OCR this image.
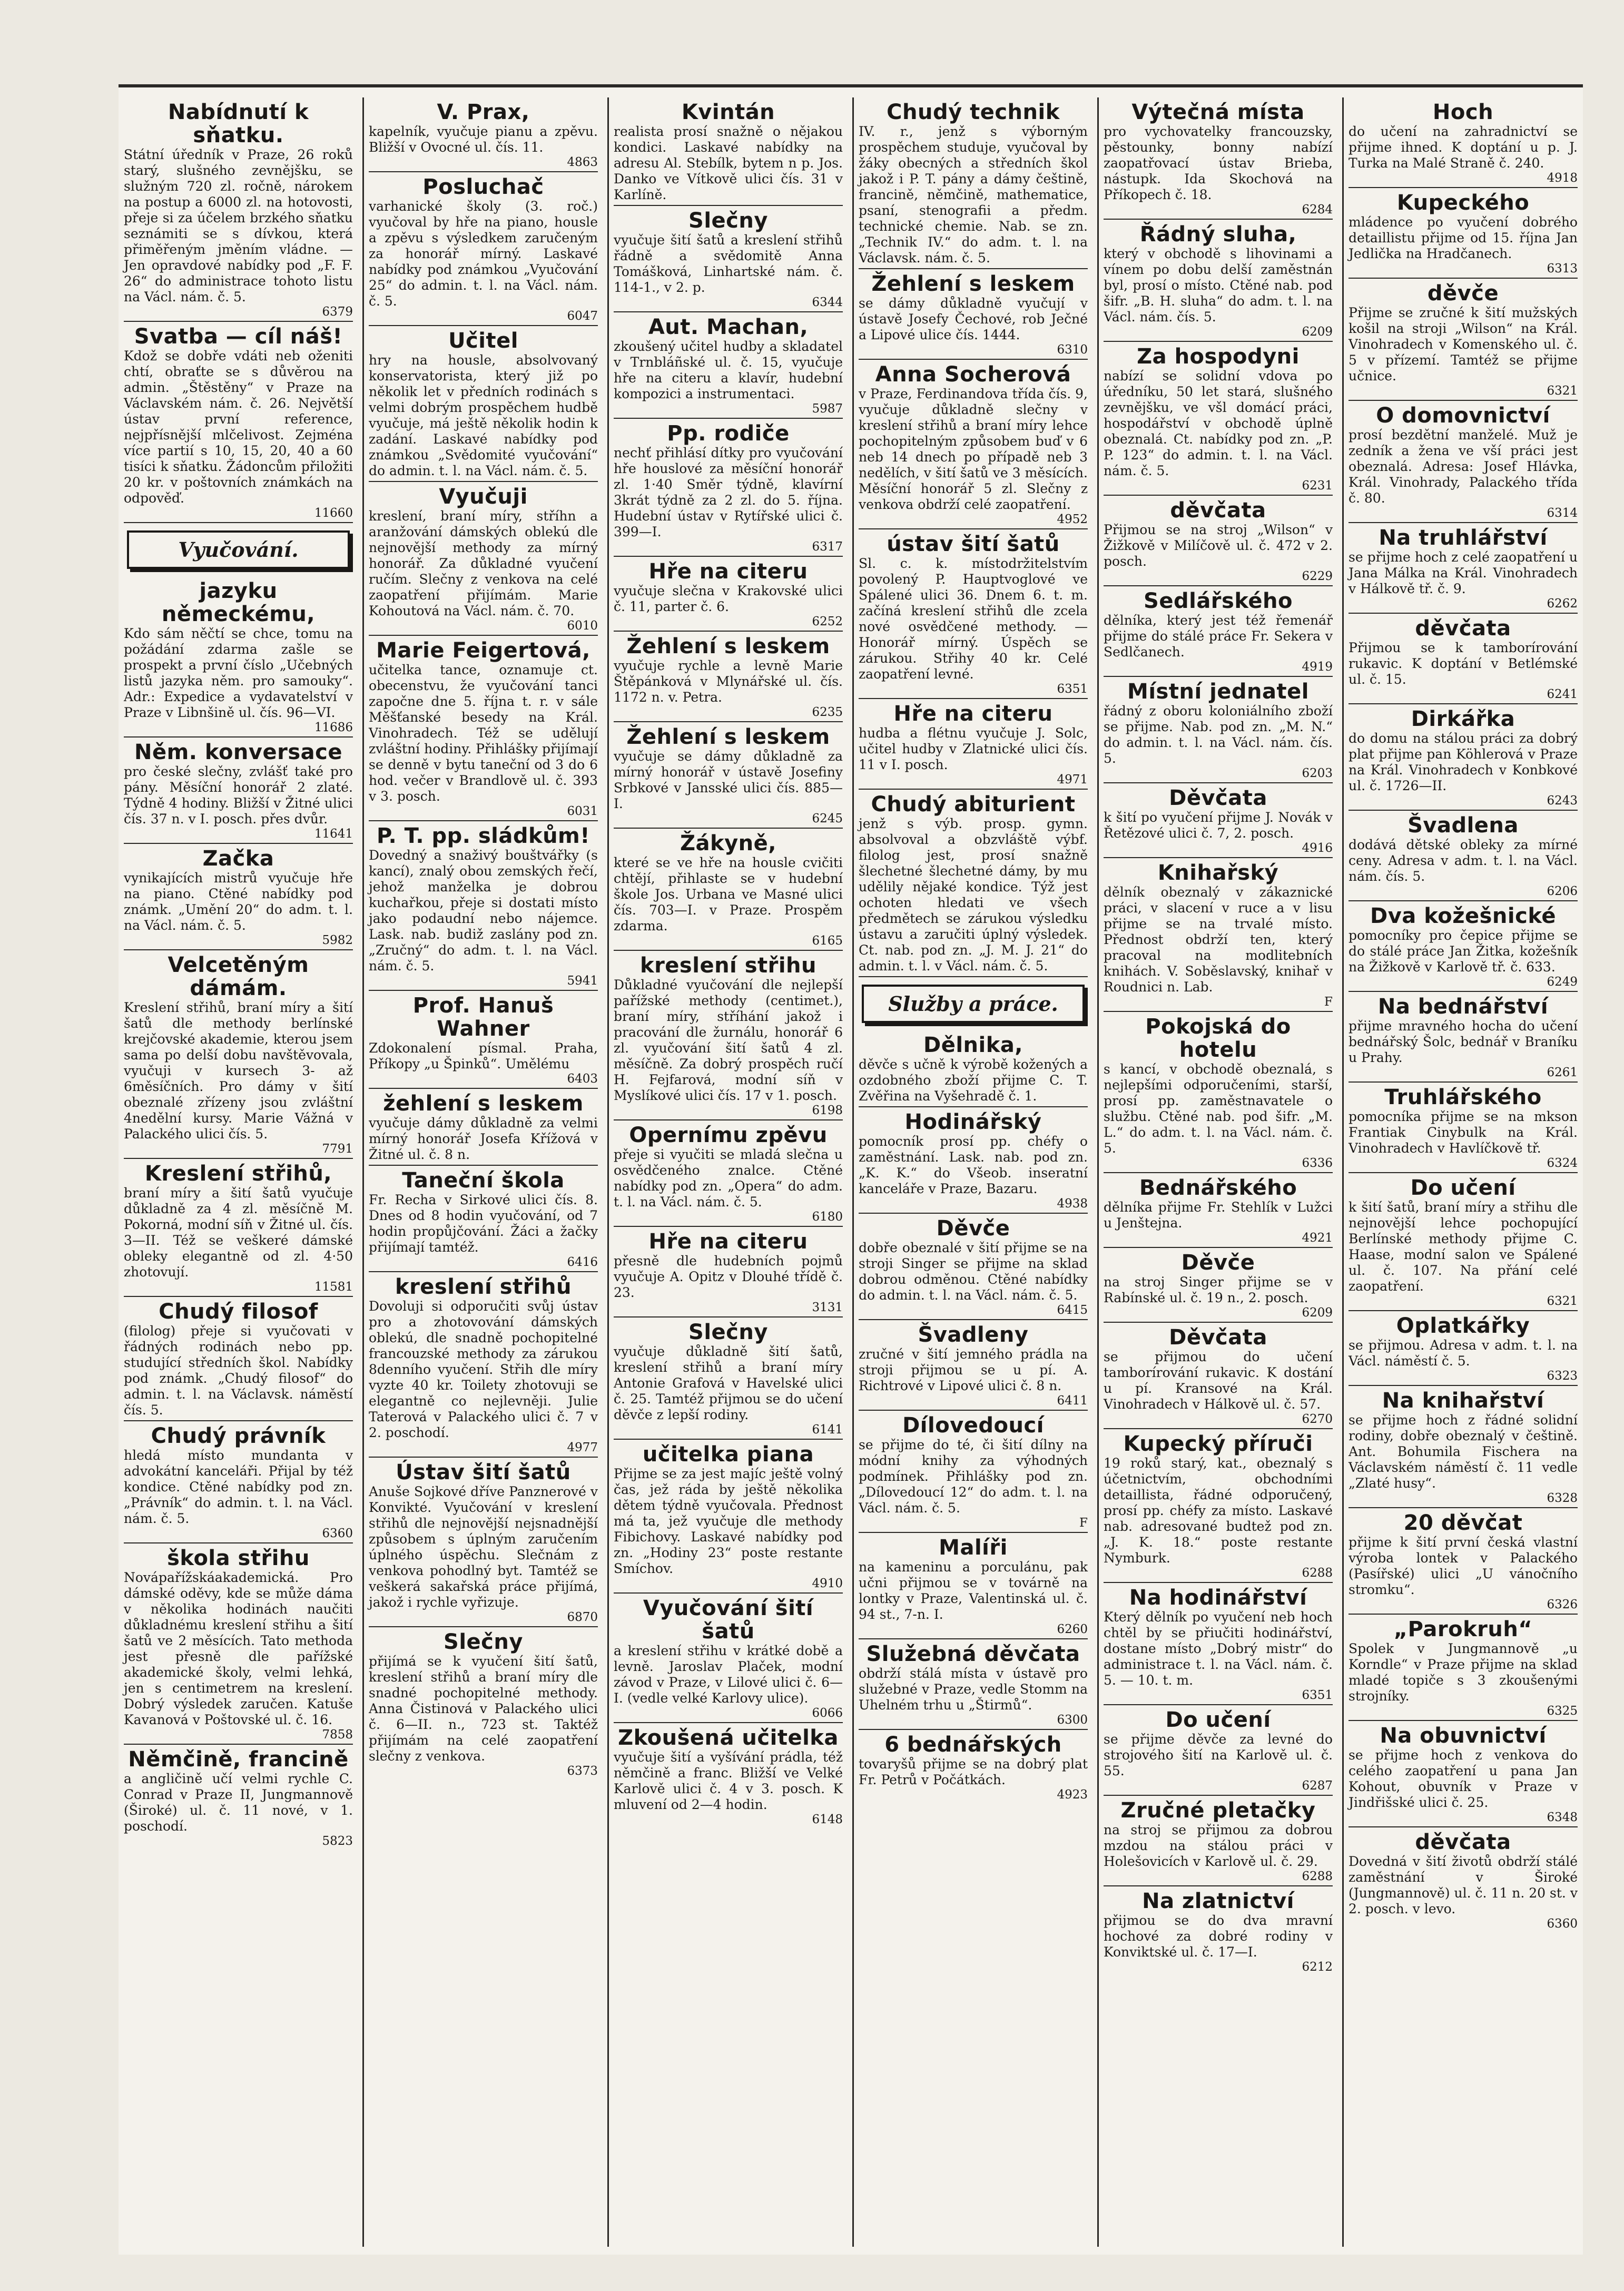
Nabídnutí k sňatku.
Státní úředník v Praze, 26 roků starý, slušného zevnějšku, se služným 720 zl. ročně, nárokem na postup a 6000 zl. na hotovosti, přeje si za účelem brzkého sňatku seznámiti se s dívkou, která přiměřeným jměním vládne. — Jen opravdové nabídky pod „F. F. 26“ do administrace tohoto listu na Václ. nám. č. 5.
6379
Svatba — cíl náš!
Kdož se dobře vdáti neb oženiti chtí, obraťte se s důvěrou na admin. „Štěstěny“ v Praze na Václavském nám. č. 26. Největší ústav první reference, nejpřísnější mlčelivost. Zejména více partií s 10, 15, 20, 40 a 60 tisíci k sňatku. Žádoncům přiložiti 20 kr. v poštovních známkách na odpověď.
11660
Vyučování.
jazyku německému,
Kdo sám něčtí se chce, tomu na požádání zdarma zašle se prospekt a první číslo „Učebných listů jazyka něm. pro samouky“. Adr.: Expedice a vydavatelství v Praze v Libnšině ul. čís. 96—VI.
11686
Něm. konversace
pro české slečny, zvlášť také pro pány. Měsíční honorář 2 zlaté. Týdně 4 hodiny. Bližší v Žitné ulici čís. 37 n. v I. posch. přes dvůr.
11641
Začka
vynikajících mistrů vyučuje hře na piano. Ctěné nabídky pod známk. „Umění 20“ do adm. t. l. na Václ. nám. č. 5.
5982
Velcetěným dámám.
Kreslení střihů, braní míry a šití šatů dle methody berlínské krejčovské akademie, kterou jsem sama po delší dobu navštěvovala, vyučuji v kursech 3- až 6měsíčních. Pro dámy v šití obeznalé zřízeny jsou zvláštní 4nedělní kursy. Marie Vážná v Palackého ulici čís. 5.
7791
Kreslení střihů,
braní míry a šití šatů vyučuje důkladně za 4 zl. měsíčně M. Pokorná, modní síň v Žitné ul. čís. 3—II. Též se veškeré dámské obleky elegantně od zl. 4·50 zhotovují.
11581
Chudý filosof
(filolog) přeje si vyučovati v řádných rodinách nebo pp. studující středních škol. Nabídky pod známk. „Chudý filosof“ do admin. t. l. na Václavsk. náměstí čís. 5.
Chudý právník
hledá místo mundanta v advokátní kanceláři. Přijal by též kondice. Ctěné nabídky pod zn. „Právník“ do admin. t. l. na Václ. nám. č. 5.
6360
škola střihu
Novápařížskáakademická. Pro dámské oděvy, kde se může dáma v několika hodinách naučiti důkladnému kreslení střihu a šití šatů ve 2 měsících. Tato methoda jest přesně dle pařížské akademické školy, velmi lehká, jen s centimetrem na kreslení. Dobrý výsledek zaručen. Katuše Kavanová v Poštovské ul. č. 16.
7858
Němčině, francině
a angličině učí velmi rychle C. Conrad v Praze II, Jungmannově (Široké) ul. č. 11 nové, v 1. poschodí.
5823
V. Prax,
kapelník, vyučuje pianu a zpěvu. Bližší v Ovocné ul. čís. 11.
4863
Posluchač
varhanické školy (3. roč.) vyučoval by hře na piano, housle a zpěvu s výsledkem zaručeným za honorář mírný. Laskavé nabídky pod známkou „Vyučování 25“ do admin. t. l. na Václ. nám. č. 5.
6047
Učitel
hry na housle, absolvovaný konservatorista, který již po několik let v předních rodinách s velmi dobrým prospěchem hudbě vyučuje, má ještě několik hodin k zadání. Laskavé nabídky pod známkou „Svědomité vyučování“ do admin. t. l. na Václ. nám. č. 5.
Vyučuji
kreslení, braní míry, stříhn a aranžování dámských oblekú dle nejnovější methody za mírný honorář. Za důkladné vyučení ručím. Slečny z venkova na celé zaopatření přijímám. Marie Kohoutová na Václ. nám. č. 70.
6010
Marie Feigertová,
učitelka tance, oznamuje ct. obecenstvu, že vyučování tanci započne dne 5. října t. r. v sále Měšťanské besedy na Král. Vinohradech. Též se udělují zvláštní hodiny. Přihlášky přijímají se denně v bytu taneční od 3 do 6 hod. večer v Brandlově ul. č. 393 v 3. posch.
6031
P. T. pp. sládkům!
Dovedný a snaživý bouštvářky (s kancí), znalý obou zemských řečí, jehož manželka je dobrou kuchařkou, přeje si dostati místo jako podaudní nebo nájemce. Lask. nab. budiž zaslány pod zn. „Zručný“ do adm. t. l. na Václ. nám. č. 5.
5941
Prof. Hanuš Wahner
Zdokonalení písmal. Praha, Příkopy „u Špinků“. Umělému
6403
žehlení s leskem
vyučuje dámy důkladně za velmi mírný honorář Josefa Křížová v Žitné ul. č. 8 n.
Taneční škola
Fr. Recha v Sirkové ulici čís. 8. Dnes od 8 hodin vyučování, od 7 hodin propůjčování. Žáci a žačky přijímají tamtéž.
6416
kreslení střihů
Dovoluji si odporučiti svůj ústav pro a zhotovování dámských oblekú, dle snadně pochopitelné francouzské methody za zárukou 8denního vyučení. Střih dle míry vyzte 40 kr. Toilety zhotovuji se elegantně co nejlevněji. Julie Taterová v Palackého ulici č. 7 v 2. poschodí.
4977
Ústav šití šatů
Anuše Sojkové dříve Panznerové v Konvikté. Vyučování v kreslení střihů dle nejnovější nejsnadnější způsobem s úplným zaručením úplného úspěchu. Slečnám z venkova pohodlný byt. Tamtéž se veškerá sakařská práce přijímá, jakož i rychle vyřizuje.
6870
Slečny
přijímá se k vyučení šití šatů, kreslení střihů a braní míry dle snadné pochopitelné methody. Anna Čistinová v Palackého ulici č. 6—II. n., 723 st. Taktéž přijímám na celé zaopatření slečny z venkova.
6373
Kvintán
realista prosí snažně o nějakou kondici. Laskavé nabídky na adresu Al. Stebílk, bytem n p. Jos. Danko ve Vítkově ulici čís. 31 v Karlíně.
Slečny
vyučuje šití šatů a kreslení střihů řádně a svědomitě Anna Tomášková, Linhartské nám. č. 114-1., v 2. p.
6344
Aut. Machan,
zkoušený učitel hudby a skladatel v Trnbláñské ul. č. 15, vyučuje hře na citeru a klavír, hudební kompozici a instrumentaci.
5987
Pp. rodiče
nechť přihlásí dítky pro vyučování hře houslové za měsíční honorář zl. 1·40 Směr týdně, klavírní 3krát týdně za 2 zl. do 5. října. Hudební ústav v Rytířské ulici č. 399—I.
6317
Hře na citeru
vyučuje slečna v Krakovské ulici č. 11, parter č. 6.
6252
Žehlení s leskem
vyučuje rychle a levně Marie Štěpánková v Mlynářské ul. čís. 1172 n. v. Petra.
6235
Žehlení s leskem
vyučuje se dámy důkladně za mírný honorář v ústavě Josefiny Srbkové v Jansské ulici čís. 885—I.
6245
Žákyně,
které se ve hře na housle cvičiti chtějí, přihlaste se v hudební škole Jos. Urbana ve Masné ulici čís. 703—I. v Praze. Prospěm zdarma.
6165
kreslení střihu
Důkladné vyučování dle nejlepší pařížské methody (centimet.), braní míry, stříhání jakož i pracování dle žurnálu, honorář 6 zl. vyučování šití šatů 4 zl. měsíčně. Za dobrý prospěch ručí H. Fejfarová, modní síň v Myslíkové ulici čís. 17 v 1. posch.
6198
Opernímu zpěvu
přeje si vyučiti se mladá slečna u osvědčeného znalce. Ctěné nabídky pod zn. „Opera“ do adm. t. l. na Václ. nám. č. 5.
6180
Hře na citeru
přesně dle hudebních pojmů vyučuje A. Opitz v Dlouhé třídě č. 23.
3131
Slečny
vyučuje důkladně šití šatů, kreslení střihů a braní míry Antonie Grafová v Havelské ulici č. 25. Tamtéž přijmou se do učení děvče z lepší rodiny.
6141
učitelka piana
Přijme se za jest majíc ještě volný čas, jež ráda by ještě několika dětem týdně vyučovala. Přednost má ta, jež vyučuje dle methody Fibichovy. Laskavé nabídky pod zn. „Hodiny 23“ poste restante Smíchov.
4910
Vyučování šití šatů
a kreslení střihu v krátké době a levně. Jaroslav Plaček, modní závod v Praze, v Lilové ulici č. 6—I. (vedle velké Karlovy ulice).
6066
Zkoušená učitelka
vyučuje šití a vyšívání prádla, též němčině a franc. Bližší ve Velké Karlově ulici č. 4 v 3. posch. K mluvení od 2—4 hodin.
6148
Chudý technik
IV. r., jenž s výborným prospěchem studuje, vyučoval by žáky obecných a středních škol jakož i P. T. pány a dámy češtině, francině, němčině, mathematice, psaní, stenografii a předm. technické chemie. Nab. se zn. „Technik IV.“ do adm. t. l. na Václavsk. nám. č. 5.
Žehlení s leskem
se dámy důkladně vyučují v ústavě Josefy Čechové, rob Ječné a Lipové ulice čís. 1444.
6310
Anna Socherová
v Praze, Ferdinandova třída čís. 9, vyučuje důkladně slečny v kreslení střihů a braní míry lehce pochopitelným způsobem buď v 6 neb 14 dnech po případě neb 3 nedělích, v šití šatů ve 3 měsících. Měsíční honorář 5 zl. Slečny z venkova obdrží celé zaopatření.
4952
ústav šití šatů
Sl. c. k. místodržitelstvím povolený P. Hauptvoglové ve Spálené ulici 36. Dnem 6. t. m. začíná kreslení střihů dle zcela nové osvědčené methody. — Honorář mírný. Úspěch se zárukou. Střihy 40 kr. Celé zaopatření levné.
6351
Hře na citeru
hudba a flétnu vyučuje J. Solc, učitel hudby v Zlatnické ulici čís. 11 v I. posch.
4971
Chudý abiturient
jenž s výb. prosp. gymn. absolvoval a obzvláště výbf. filolog jest, prosí snažně šlechetné šlechetné dámy, by mu udělily nějaké kondice. Týž jest ochoten hledati ve všech předmětech se zárukou výsledku ústavu a zaručiti úplný výsledek. Ct. nab. pod zn. „J. M. J. 21“ do admin. t. l. v Václ. nám. č. 5.
Služby a práce.
Dělnika,
děvče s učně k výrobě kožených a ozdobného zboží přijme C. T. Zvěřina na Vyšehradě č. 1.
Hodinářský
pomocník prosí pp. chéfy o zaměstnání. Lask. nab. pod zn. „K. K.“ do Všeob. inseratní kanceláře v Praze, Bazaru.
4938
Děvče
dobře obeznalé v šití přijme se na stroji Singer se přijme na sklad dobrou odměnou. Ctěné nabídky do admin. t. l. na Václ. nám. č. 5.
6415
Švadleny
zručné v šití jemného prádla na stroji přijmou se u pí. A. Richtrové v Lipové ulici č. 8 n.
6411
Dílovedoucí
se přijme do té, či šití dílny na módní knihy za výhodných podmínek. Přihlášky pod zn. „Dílovedoucí 12“ do adm. t. l. na Václ. nám. č. 5.
F
Malíři
na kameninu a porculánu, pak učni přijmou se v továrně na lontky v Praze, Valentinská ul. č. 94 st., 7-n. I.
6260
Služebná děvčata
obdrží stálá místa v ústavě pro služebné v Praze, vedle Stomm na Uhelném trhu u „Štirmů“.
6300
6 bednářských
tovaryšů přijme se na dobrý plat Fr. Petrů v Počátkách.
4923
Výtečná místa
pro vychovatelky francouzsky, pěstounky, bonny nabízí zaopatřovací ústav Brieba, nástupk. Ida Skochová na Příkopech č. 18.
6284
Řádný sluha,
který v obchodě s lihovinami a vínem po dobu delší zaměstnán byl, prosí o místo. Ctěné nab. pod šifr. „B. H. sluha“ do adm. t. l. na Václ. nám. čís. 5.
6209
Za hospodyni
nabízí se solidní vdova po úředníku, 50 let stará, slušného zevnějšku, ve všl domácí práci, hospodářství v obchodě úplně obeznalá. Ct. nabídky pod zn. „P. P. 123“ do admin. t. l. na Václ. nám. č. 5.
6231
děvčata
Přijmou se na stroj „Wilson“ v Žižkově v Milíčově ul. č. 472 v 2. posch.
6229
Sedlářského
dělníka, který jest též řemenář přijme do stálé práce Fr. Sekera v Sedlčanech.
4919
Místní jednatel
řádný z oboru koloniálního zboží se přijme. Nab. pod zn. „M. N.“ do admin. t. l. na Václ. nám. čís. 5.
6203
Děvčata
k šití po vyučení přijme J. Novák v Řetězové ulici č. 7, 2. posch.
4916
Knihařský
dělník obeznalý v zákaznické práci, v slacení v ruce a v lisu přijme se na trvalé místo. Přednost obdrží ten, který pracoval na modlitebních knihách. V. Soběslavský, knihař v Roudnici n. Lab.
F
Pokojská do hotelu
s kancí, v obchodě obeznalá, s nejlepšími odporučeními, starší, prosí pp. zaměstnavatele o službu. Ctěné nab. pod šifr. „M. L.“ do adm. t. l. na Václ. nám. č. 5.
6336
Bednářského
dělníka přijme Fr. Stehlík v Lužci u Jenštejna.
4921
Děvče
na stroj Singer přijme se v Rabínské ul. č. 19 n., 2. posch.
6209
Děvčata
se přijmou do učení tamborírování rukavic. K dostání u pí. Kransové na Král. Vinohradech v Hálkově ul. č. 57.
6270
Kupecký příruči
19 roků starý, kat., obeznalý s účetnictvím, obchodními detaillista, řádné odporučený, prosí pp. chéfy za místo. Laskavé nab. adresované budtež pod zn. „J. K. 18.“ poste restante Nymburk.
6288
Na hodinářství
Který dělník po vyučení neb hoch chtěl by se přiučiti hodinářství, dostane místo „Dobrý mistr“ do administrace t. l. na Václ. nám. č. 5. — 10. t. m.
6351
Do učení
se přijme děvče za levné do strojového šití na Karlově ul. č. 55.
6287
Zručné pletačky
na stroj se přijmou za dobrou mzdou na stálou práci v Holešovicích v Karlově ul. č. 29.
6288
Na zlatnictví
přijmou se do dva mravní hochové za dobré rodiny v Konviktské ul. č. 17—I.
6212
Hoch
do učení na zahradnictví se přijme ihned. K doptání u p. J. Turka na Malé Straně č. 240.
4918
Kupeckého
mládence po vyučení dobrého detaillistu přijme od 15. října Jan Jedlička na Hradčanech.
6313
děvče
Přijme se zručné k šití mužských košil na stroji „Wilson“ na Král. Vinohradech v Komenského ul. č. 5 v přízemí. Tamtéž se přijme učnice.
6321
O domovnictví
prosí bezdětní manželé. Muž je zedník a žena ve vší práci jest obeznalá. Adresa: Josef Hlávka, Král. Vinohrady, Palackého třída č. 80.
6314
Na truhlářství
se přijme hoch z celé zaopatření u Jana Málka na Král. Vinohradech v Hálkově tř. č. 9.
6262
děvčata
Přijmou se k tamborírování rukavic. K doptání v Betlémské ul. č. 15.
6241
Dirkářka
do domu na stálou práci za dobrý plat přijme pan Köhlerová v Praze na Král. Vinohradech v Konbkové ul. č. 1726—II.
6243
Švadlena
dodává dětské obleky za mírné ceny. Adresa v adm. t. l. na Václ. nám. čís. 5.
6206
Dva kožešnické
pomocníky pro čepice přijme se do stálé práce Jan Žitka, kožešník na Žižkově v Karlově tř. č. 633.
6249
Na bednářství
přijme mravného hocha do učení bednářský Šolc, bednář v Braníku u Prahy.
6261
Truhlářského
pomocníka přijme se na mkson Frantiak Cinybulk na Král. Vinohradech v Havlíčkově tř.
6324
Do učení
k šití šatů, braní míry a střihu dle nejnovější lehce pochopující Berlínské methody přijme C. Haase, modní salon ve Spálené ul. č. 107. Na přání celé zaopatření.
6321
Oplatkářky
se přijmou. Adresa v adm. t. l. na Václ. náměstí č. 5.
6323
Na knihařství
se přijme hoch z řádné solidní rodiny, dobře obeznalý v češtině. Ant. Bohumila Fischera na Václavském náměstí č. 11 vedle „Zlaté husy“.
6328
20 děvčat
přijme k šití první česká vlastní výroba lontek v Palackého (Pasířské) ulici „U vánočního stromku“.
6326
„Parokruh“
Spolek v Jungmannově „u Korndle“ v Praze přijme na sklad mladé topiče s 3 zkoušenými strojníky.
6325
Na obuvnictví
se přijme hoch z venkova do celého zaopatření u pana Jan Kohout, obuvník v Praze v Jindřišské ulici č. 25.
6348
děvčata
Dovedná v šití životů obdrží stálé zaměstnání v Široké (Jungmannově) ul. č. 11 n. 20 st. v 2. posch. v levo.
6360
